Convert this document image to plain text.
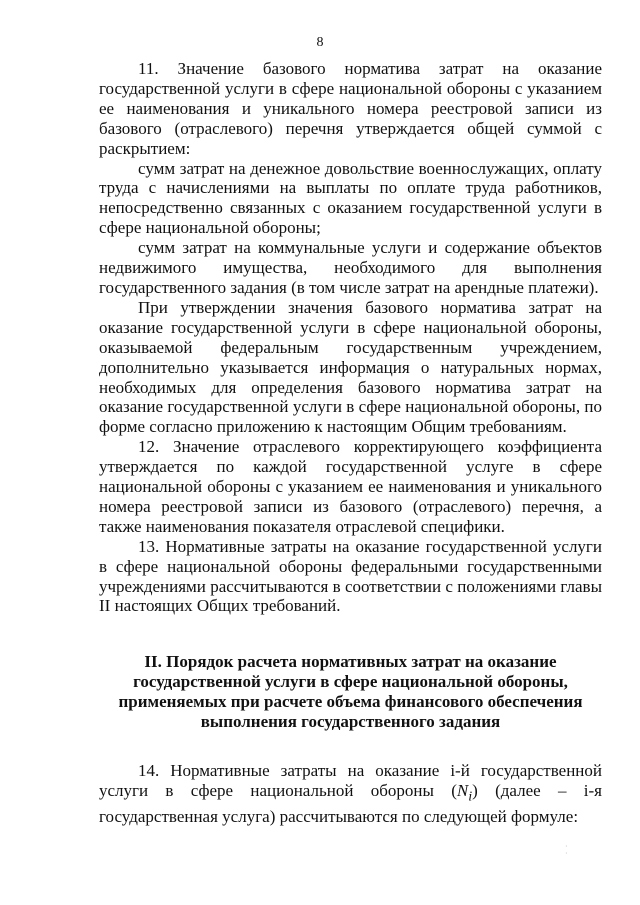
8

11. Значение базового норматива затрат на оказание государственной услуги в сфере национальной обороны с указанием ее наименования и уникального номера реестровой записи из базового (отраслевого) перечня утверждается общей суммой с раскрытием:

сумм затрат на денежное довольствие военнослужащих, оплату труда с начислениями на выплаты по оплате труда работников, непосредственно связанных с оказанием государственной услуги в сфере национальной обороны;

сумм затрат на коммунальные услуги и содержание объектов недвижимого имущества, необходимого для выполнения государственного задания (в том числе затрат на арендные платежи).

При утверждении значения базового норматива затрат на оказание государственной услуги в сфере национальной обороны, оказываемой федеральным государственным учреждением, дополнительно указывается информация о натуральных нормах, необходимых для определения базового норматива затрат на оказание государственной услуги в сфере национальной обороны, по форме согласно приложению к настоящим Общим требованиям.

12. Значение отраслевого корректирующего коэффициента утверждается по каждой государственной услуге в сфере национальной обороны с указанием ее наименования и уникального номера реестровой записи из базового (отраслевого) перечня, а также наименования показателя отраслевой специфики.

13. Нормативные затраты на оказание государственной услуги в сфере национальной обороны федеральными государственными учреждениями рассчитываются в соответствии с положениями главы II настоящих Общих требований.

II. Порядок расчета нормативных затрат на оказание
государственной услуги в сфере национальной обороны,
применяемых при расчете объема финансового обеспечения
выполнения государственного задания

14. Нормативные затраты на оказание i-й государственной услуги в сфере национальной обороны $(N_i)$ (далее – i-я государственная услуга) рассчитываются по следующей формуле:

·
·
